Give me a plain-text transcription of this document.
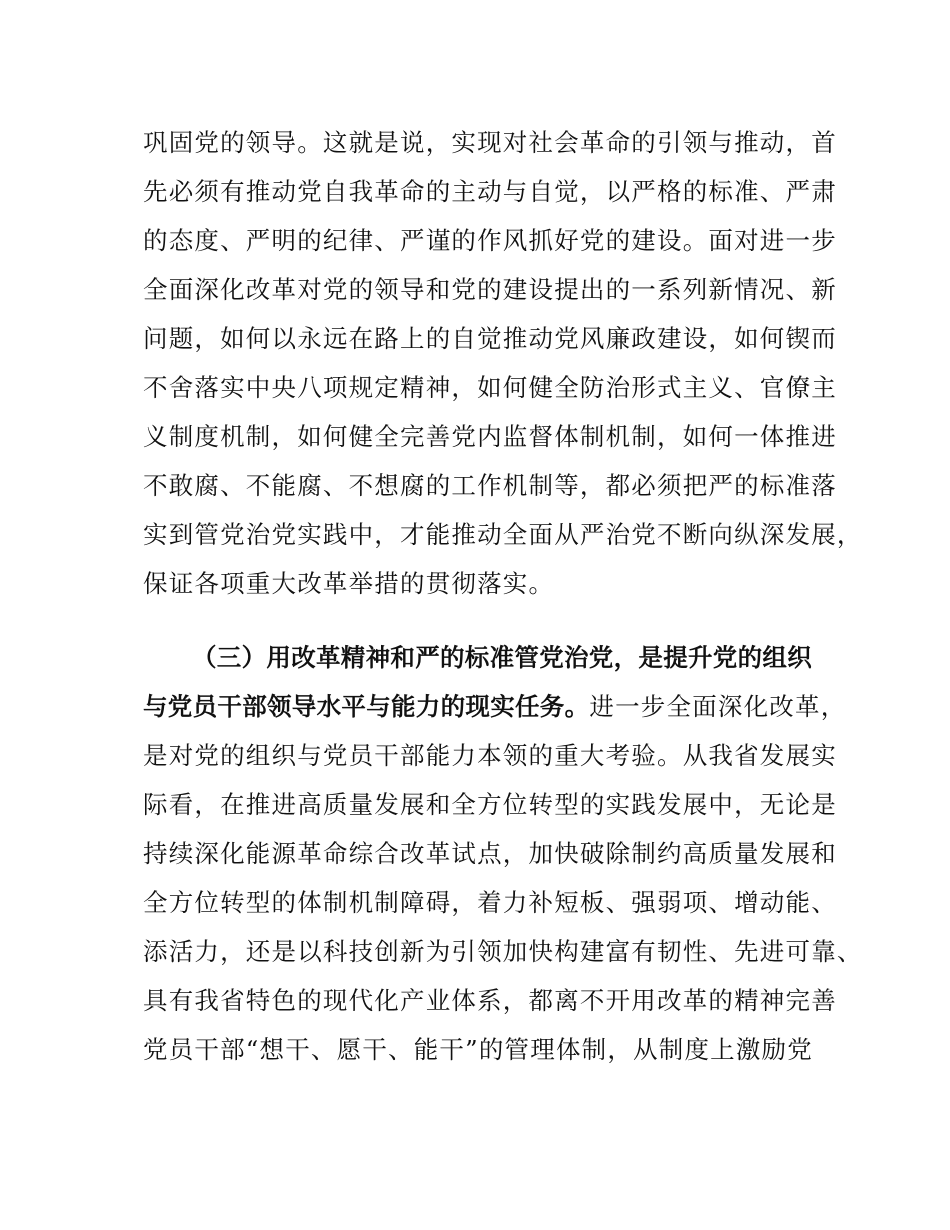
巩固党的领导。这就是说，实现对社会革命的引领与推动，首
先必须有推动党自我革命的主动与自觉，以严格的标准、严肃
的态度、严明的纪律、严谨的作风抓好党的建设。面对进一步
全面深化改革对党的领导和党的建设提出的一系列新情况、新
问题，如何以永远在路上的自觉推动党风廉政建设，如何锲而
不舍落实中央八项规定精神，如何健全防治形式主义、官僚主
义制度机制，如何健全完善党内监督体制机制，如何一体推进
不敢腐、不能腐、不想腐的工作机制等，都必须把严的标准落
实到管党治党实践中，才能推动全面从严治党不断向纵深发展，
保证各项重大改革举措的贯彻落实。
（三）用改革精神和严的标准管党治党，是提升党的组织
与党员干部领导水平与能力的现实任务。进一步全面深化改革，
是对党的组织与党员干部能力本领的重大考验。从我省发展实
际看，在推进高质量发展和全方位转型的实践发展中，无论是
持续深化能源革命综合改革试点，加快破除制约高质量发展和
全方位转型的体制机制障碍，着力补短板、强弱项、增动能、
添活力，还是以科技创新为引领加快构建富有韧性、先进可靠、
具有我省特色的现代化产业体系，都离不开用改革的精神完善
党员干部“想干、愿干、能干”的管理体制，从制度上激励党
